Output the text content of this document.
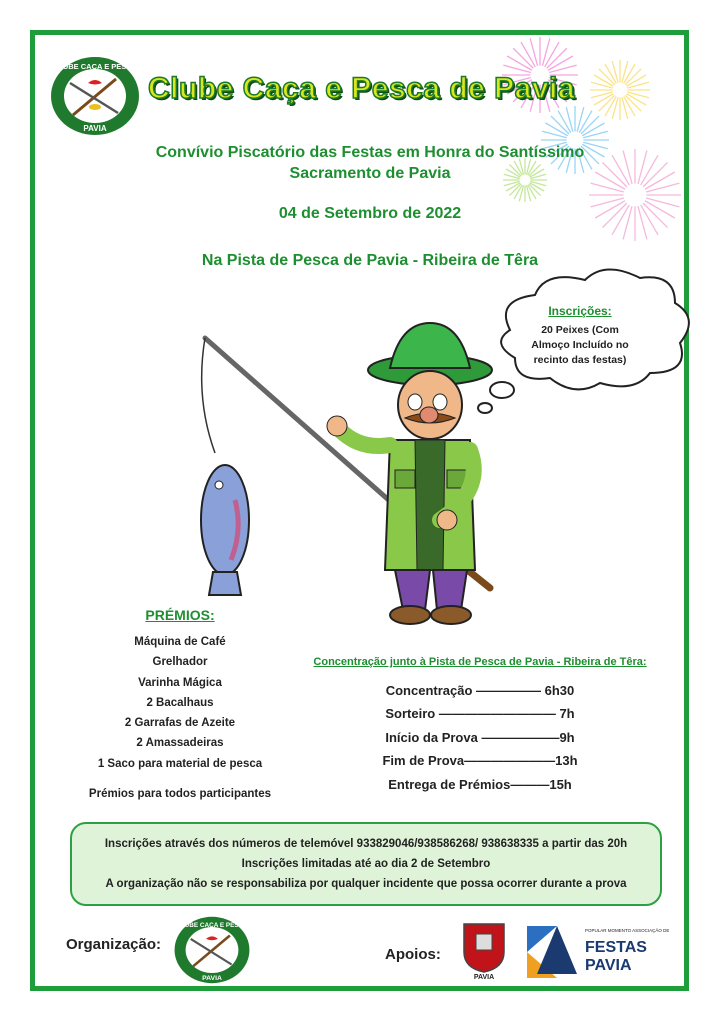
CLUBE CAÇA E PESCA
PAVIA
Clube Caça e Pesca de Pavia
Convívio Piscatório das Festas em Honra do Santíssimo
Sacramento de Pavia
04 de Setembro de 2022
Na Pista de Pesca de Pavia - Ribeira de Têra
Inscrições:
20 Peixes (Com
Almoço Incluído no
recinto das festas)
PRÉMIOS:
Máquina de Café
Grelhador
Varinha Mágica
2 Bacalhaus
2 Garrafas de Azeite
2 Amassadeiras
1 Saco para material de pesca
Prémios para todos participantes
Concentração junto à Pista de Pesca de Pavia - Ribeira de Têra:
Concentração ————— 6h30
Sorteiro ————————— 7h
Início da Prova ——————9h
Fim de Prova———————13h
Entrega de Prémios———15h
Inscrições através dos números de telemóvel 933829046/938586268/ 938638335 a partir das 20h
Inscrições limitadas até ao dia 2 de Setembro
A organização não se responsabiliza por qualquer incidente que possa ocorrer durante a prova
Organização:
CLUBE CAÇA E PESCA
PAVIA
Apoios:
PAVIA
POPULAR MOMENTO ASSOCIAÇÃO DE
FESTAS
PAVIA
